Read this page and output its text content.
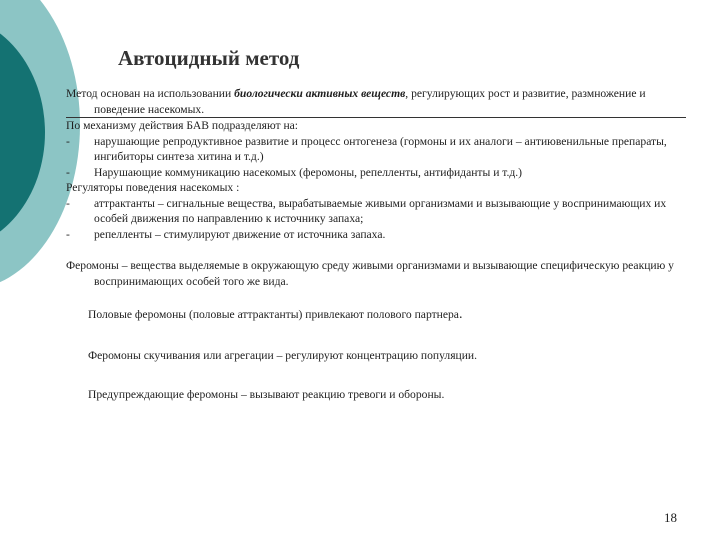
Автоцидный метод

Метод основан на использовании биологически активных веществ, регулирующих рост и развитие, размножение и поведение насекомых.

По механизму действия БАВ подразделяют на:

- нарушающие репродуктивное развитие и процесс онтогенеза (гормоны и их аналоги – антиювенильные препараты, ингибиторы синтеза хитина и т.д.)

- Нарушающие коммуникацию насекомых (феромоны, репелленты, антифиданты и т.д.)

Регуляторы поведения насекомых :

- аттрактанты – сигнальные вещества, вырабатываемые живыми организмами и вызывающие у воспринимающих их особей движения по направлению к источнику запаха;

- репелленты – стимулируют движение от источника запаха.

Феромоны – вещества выделяемые в окружающую среду живыми организмами и вызывающие специфическую реакцию у воспринимающих особей того же вида.

Половые феромоны (половые аттрактанты) привлекают полового партнера.

Феромоны скучивания или агрегации – регулируют концентрацию популяции.

Предупреждающие феромоны – вызывают реакцию тревоги и обороны.

18
